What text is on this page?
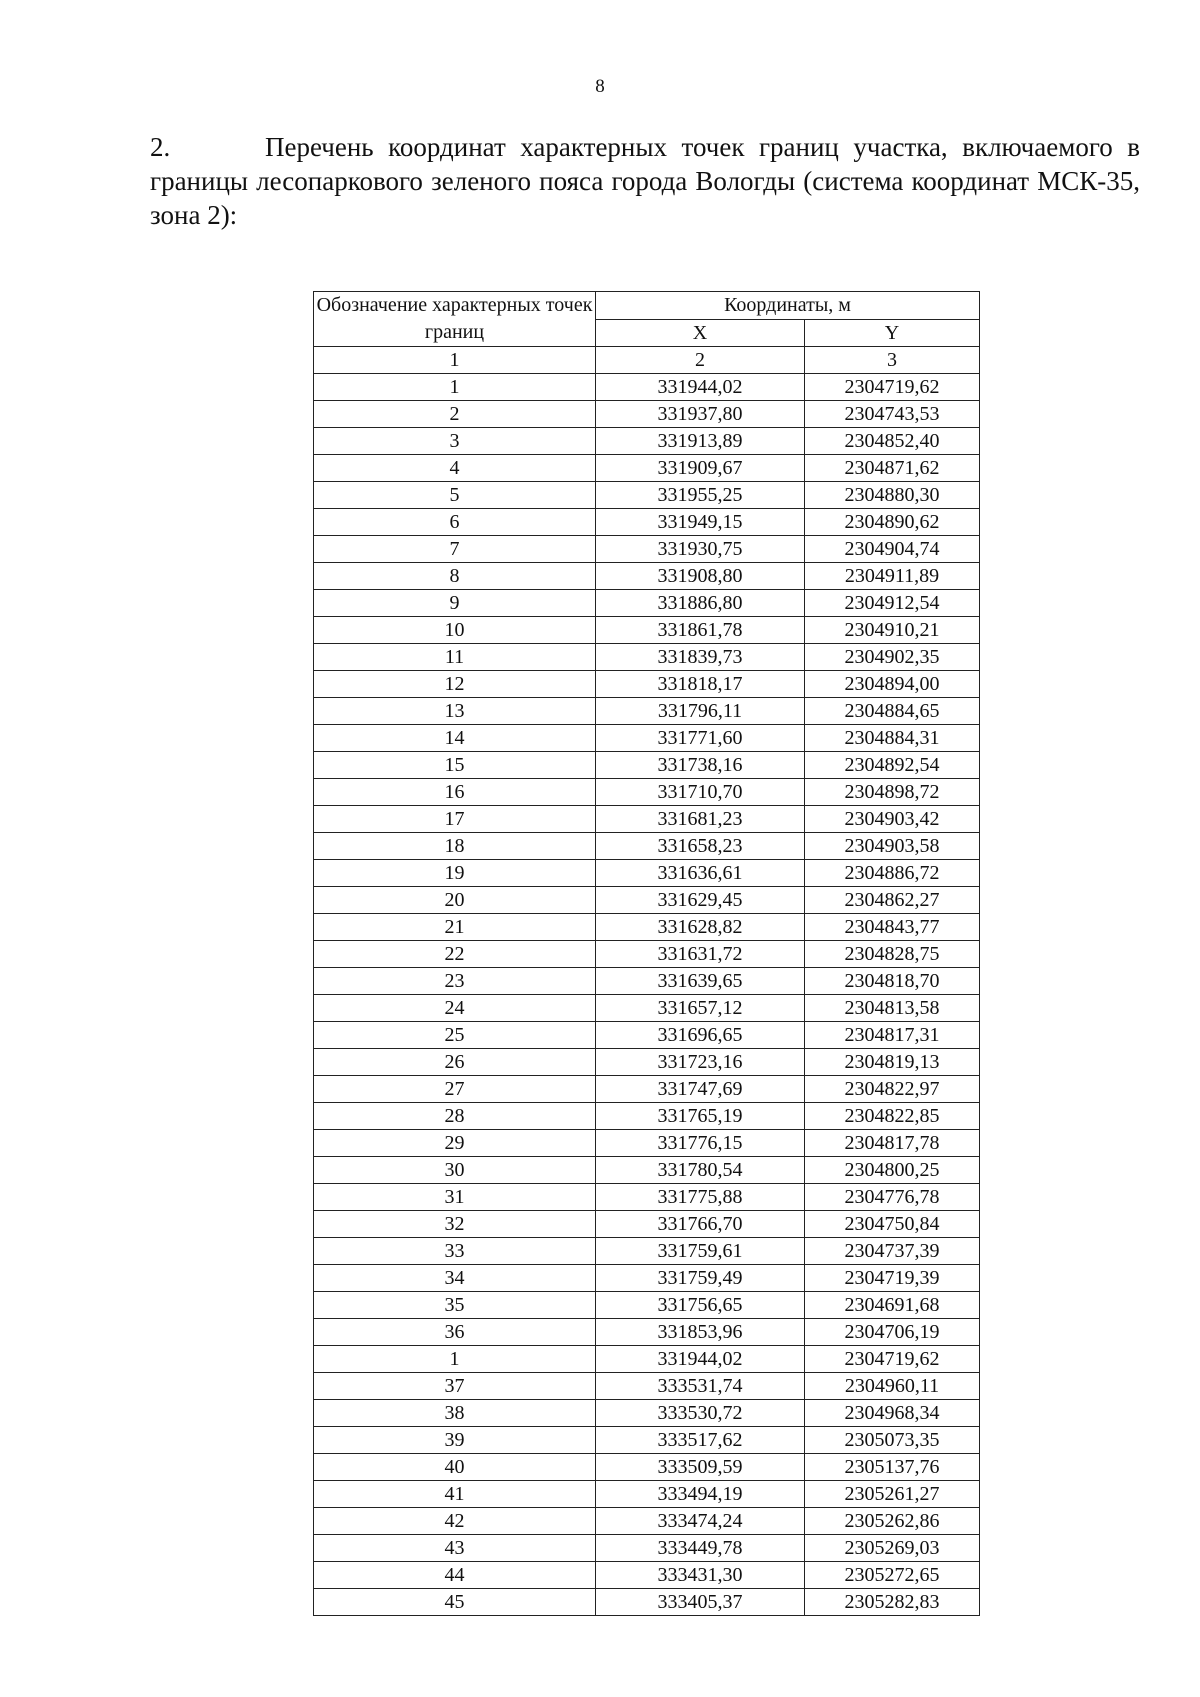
8
2.	Перечень координат характерных точек границ участка, включаемого в границы лесопаркового зеленого пояса города Вологды (система координат МСК-35, зона 2):
Обозначение характерных точек границ	Координаты, м	
	X	Y
1	2	3
1	331944,02	2304719,62
2	331937,80	2304743,53
3	331913,89	2304852,40
4	331909,67	2304871,62
5	331955,25	2304880,30
6	331949,15	2304890,62
7	331930,75	2304904,74
8	331908,80	2304911,89
9	331886,80	2304912,54
10	331861,78	2304910,21
11	331839,73	2304902,35
12	331818,17	2304894,00
13	331796,11	2304884,65
14	331771,60	2304884,31
15	331738,16	2304892,54
16	331710,70	2304898,72
17	331681,23	2304903,42
18	331658,23	2304903,58
19	331636,61	2304886,72
20	331629,45	2304862,27
21	331628,82	2304843,77
22	331631,72	2304828,75
23	331639,65	2304818,70
24	331657,12	2304813,58
25	331696,65	2304817,31
26	331723,16	2304819,13
27	331747,69	2304822,97
28	331765,19	2304822,85
29	331776,15	2304817,78
30	331780,54	2304800,25
31	331775,88	2304776,78
32	331766,70	2304750,84
33	331759,61	2304737,39
34	331759,49	2304719,39
35	331756,65	2304691,68
36	331853,96	2304706,19
1	331944,02	2304719,62
37	333531,74	2304960,11
38	333530,72	2304968,34
39	333517,62	2305073,35
40	333509,59	2305137,76
41	333494,19	2305261,27
42	333474,24	2305262,86
43	333449,78	2305269,03
44	333431,30	2305272,65
45	333405,37	2305282,83
